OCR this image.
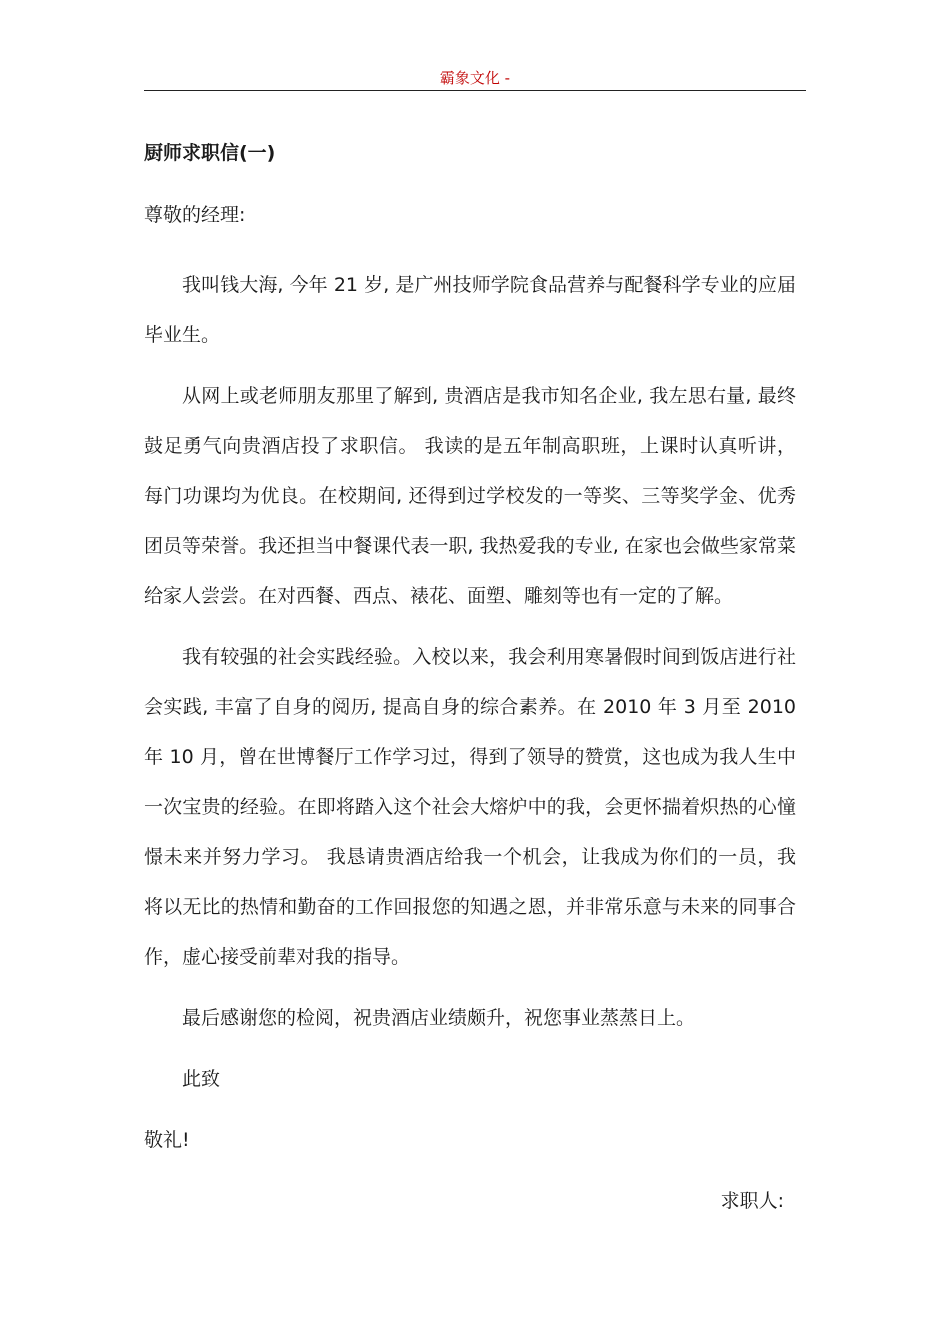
霸象文化 -
厨师求职信(一)
尊敬的经理:

我叫钱大海, 今年 21 岁, 是广州技师学院食品营养与配餐科学专业的应届毕业生。

从网上或老师朋友那里了解到, 贵酒店是我市知名企业, 我左思右量, 最终鼓足勇气向贵酒店投了求职信。 我读的是五年制高职班，上课时认真听讲，每门功课均为优良。在校期间, 还得到过学校发的一等奖、三等奖学金、优秀团员等荣誉。我还担当中餐课代表一职, 我热爱我的专业, 在家也会做些家常菜给家人尝尝。在对西餐、西点、裱花、面塑、雕刻等也有一定的了解。

我有较强的社会实践经验。入校以来，我会利用寒暑假时间到饭店进行社会实践, 丰富了自身的阅历, 提高自身的综合素养。在 2010 年 3 月至 2010 年 10 月，曾在世博餐厅工作学习过，得到了领导的赞赏，这也成为我人生中一次宝贵的经验。在即将踏入这个社会大熔炉中的我，会更怀揣着炽热的心憧憬未来并努力学习。 我恳请贵酒店给我一个机会，让我成为你们的一员，我将以无比的热情和勤奋的工作回报您的知遇之恩，并非常乐意与未来的同事合作，虚心接受前辈对我的指导。

最后感谢您的检阅，祝贵酒店业绩颇升，祝您事业蒸蒸日上。

此致
敬礼!
求职人:
